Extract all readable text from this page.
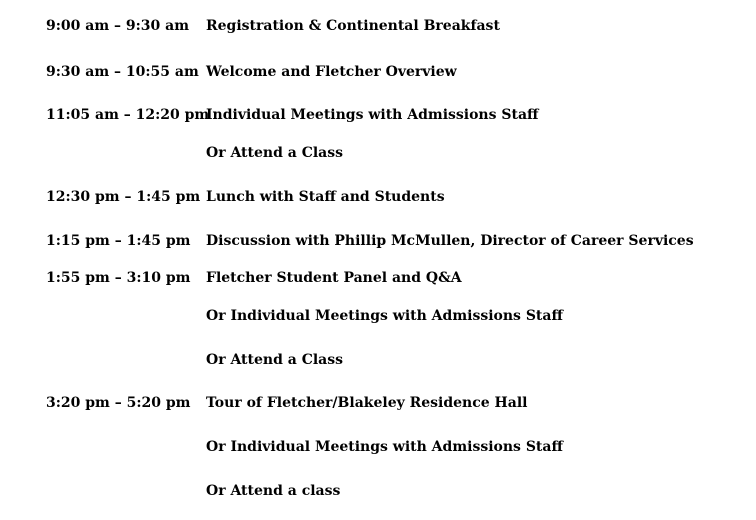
9:00 am – 9:30 am Registration & Continental Breakfast
9:30 am – 10:55 am Welcome and Fletcher Overview
11:05 am – 12:20 pm
Individual Meetings with Admissions Staff
Or Attend a Class
12:30 pm – 1:45 pm Lunch with Staff and Students
1:15 pm – 1:45 pm Discussion with Phillip McMullen, Director of Career Services
1:55 pm – 3:10 pm Fletcher Student Panel and Q&A
Or Individual Meetings with Admissions Staff
Or Attend a Class
3:20 pm – 5:20 pm Tour of Fletcher/Blakeley Residence Hall
Or Individual Meetings with Admissions Staff
Or Attend a class
